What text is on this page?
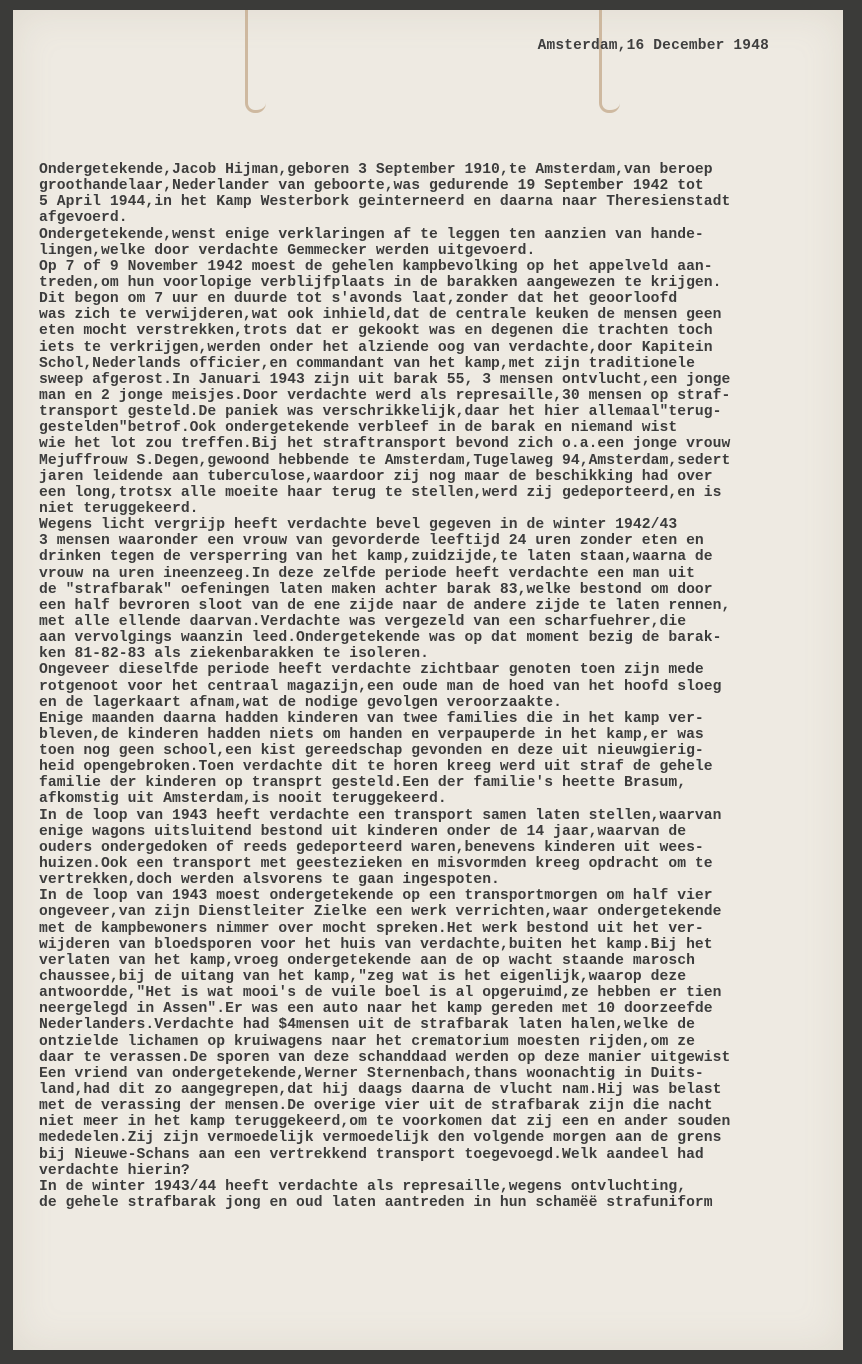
Amsterdam,16 December 1948
Ondergetekende,Jacob Hijman,geboren 3 September 1910,te Amsterdam,van beroep
groothandelaar,Nederlander van geboorte,was gedurende 19 September 1942 tot
5 April 1944,in het Kamp Westerbork geinterneerd en daarna naar Theresienstadt
afgevoerd.
Ondergetekende,wenst enige verklaringen af te leggen ten aanzien van hande-
lingen,welke door verdachte Gemmecker werden uitgevoerd.
Op 7 of 9 November 1942 moest de gehelen kampbevolking op het appelveld aan-
treden,om hun voorlopige verblijfplaats in de barakken aangewezen te krijgen.
Dit begon om 7 uur en duurde tot s'avonds laat,zonder dat het geoorloofd
was zich te verwijderen,wat ook inhield,dat de centrale keuken de mensen geen
eten mocht verstrekken,trots dat er gekookt was en degenen die trachten toch
iets te verkrijgen,werden onder het alziende oog van verdachte,door Kapitein
Schol,Nederlands officier,en commandant van het kamp,met zijn traditionele
sweep afgerost.In Januari 1943 zijn uit barak 55, 3 mensen ontvlucht,een jonge
man en 2 jonge meisjes.Door verdachte werd als represaille,30 mensen op straf-
transport gesteld.De paniek was verschrikkelijk,daar het hier allemaal"terug-
gestelden"betrof.Ook ondergetekende verbleef in de barak en niemand wist
wie het lot zou treffen.Bij het straftransport bevond zich o.a.een jonge vrouw
Mejuffrouw S.Degen,gewoond hebbende te Amsterdam,Tugelaweg 94,Amsterdam,sedert
jaren leidende aan tuberculose,waardoor zij nog maar de beschikking had over
een long,trotsx alle moeite haar terug te stellen,werd zij gedeporteerd,en is
niet teruggekeerd.
Wegens licht vergrijp heeft verdachte bevel gegeven in de winter 1942/43
3 mensen waaronder een vrouw van gevorderde leeftijd 24 uren zonder eten en
drinken tegen de versperring van het kamp,zuidzijde,te laten staan,waarna de
vrouw na uren ineenzeeg.In deze zelfde periode heeft verdachte een man uit
de "strafbarak" oefeningen laten maken achter barak 83,welke bestond om door
een half bevroren sloot van de ene zijde naar de andere zijde te laten rennen,
met alle ellende daarvan.Verdachte was vergezeld van een scharfuehrer,die
aan vervolgings waanzin leed.Ondergetekende was op dat moment bezig de barak-
ken 81-82-83 als ziekenbarakken te isoleren.
Ongeveer dieselfde periode heeft verdachte zichtbaar genoten toen zijn mede
rotgenoot voor het centraal magazijn,een oude man de hoed van het hoofd sloeg
en de lagerkaart afnam,wat de nodige gevolgen veroorzaakte.
Enige maanden daarna hadden kinderen van twee families die in het kamp ver-
bleven,de kinderen hadden niets om handen en verpauperde in het kamp,er was
toen nog geen school,een kist gereedschap gevonden en deze uit nieuwgierig-
heid opengebroken.Toen verdachte dit te horen kreeg werd uit straf de gehele
familie der kinderen op transprt gesteld.Een der familie's heette Brasum,
afkomstig uit Amsterdam,is nooit teruggekeerd.
In de loop van 1943 heeft verdachte een transport samen laten stellen,waarvan
enige wagons uitsluitend bestond uit kinderen onder de 14 jaar,waarvan de
ouders ondergedoken of reeds gedeporteerd waren,benevens kinderen uit wees-
huizen.Ook een transport met geestezieken en misvormden kreeg opdracht om te
vertrekken,doch werden alsvorens te gaan ingespoten.
In de loop van 1943 moest ondergetekende op een transportmorgen om half vier
ongeveer,van zijn Dienstleiter Zielke een werk verrichten,waar ondergetekende
met de kampbewoners nimmer over mocht spreken.Het werk bestond uit het ver-
wijderen van bloedsporen voor het huis van verdachte,buiten het kamp.Bij het
verlaten van het kamp,vroeg ondergetekende aan de op wacht staande marosch
chaussee,bij de uitang van het kamp,"zeg wat is het eigenlijk,waarop deze
antwoordde,"Het is wat mooi's de vuile boel is al opgeruimd,ze hebben er tien
neergelegd in Assen".Er was een auto naar het kamp gereden met 10 doorzeefde
Nederlanders.Verdachte had $4mensen uit de strafbarak laten halen,welke de
ontzielde lichamen op kruiwagens naar het crematorium moesten rijden,om ze
daar te verassen.De sporen van deze schanddaad werden op deze manier uitgewist
Een vriend van ondergetekende,Werner Sternenbach,thans woonachtig in Duits-
land,had dit zo aangegrepen,dat hij daags daarna de vlucht nam.Hij was belast
met de verassing der mensen.De overige vier uit de strafbarak zijn die nacht
niet meer in het kamp teruggekeerd,om te voorkomen dat zij een en ander souden
mededelen.Zij zijn vermoedelijk vermoedelijk den volgende morgen aan de grens
bij Nieuwe-Schans aan een vertrekkend transport toegevoegd.Welk aandeel had
verdachte hierin?
In de winter 1943/44 heeft verdachte als represaille,wegens ontvluchting,
de gehele strafbarak jong en oud laten aantreden in hun schamëë strafuniform
